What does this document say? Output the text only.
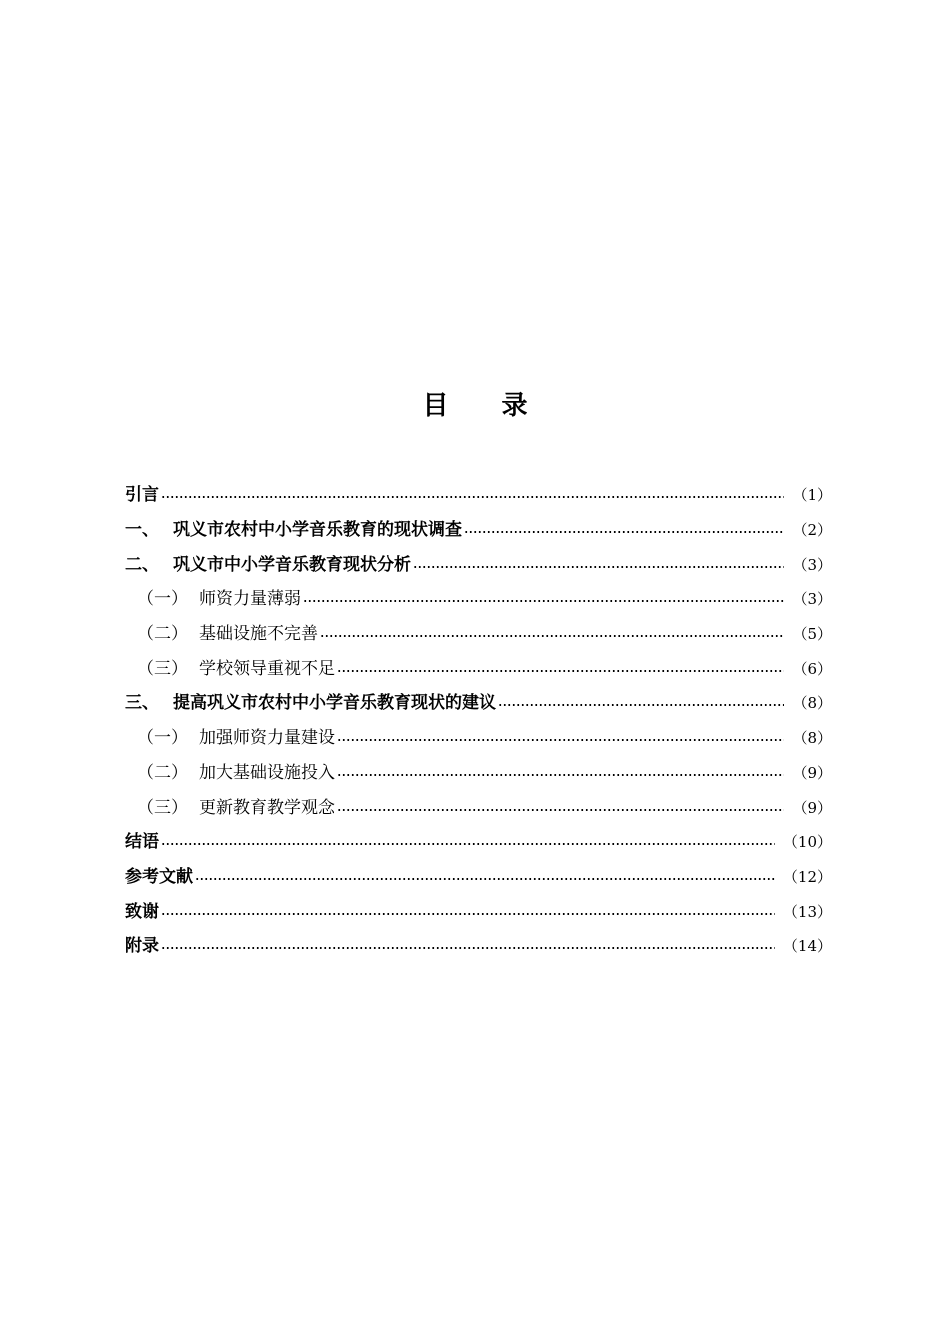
目 录
引言	（1）
一、 巩义市农村中小学音乐教育的现状调查	（2）
二、 巩义市中小学音乐教育现状分析	（3）
（一） 师资力量薄弱	（3）
（二） 基础设施不完善	（5）
（三） 学校领导重视不足	（6）
三、 提高巩义市农村中小学音乐教育现状的建议	（8）
（一） 加强师资力量建设	（8）
（二） 加大基础设施投入	（9）
（三） 更新教育教学观念	（9）
结语	（10）
参考文献	（12）
致谢	（13）
附录	（14）
